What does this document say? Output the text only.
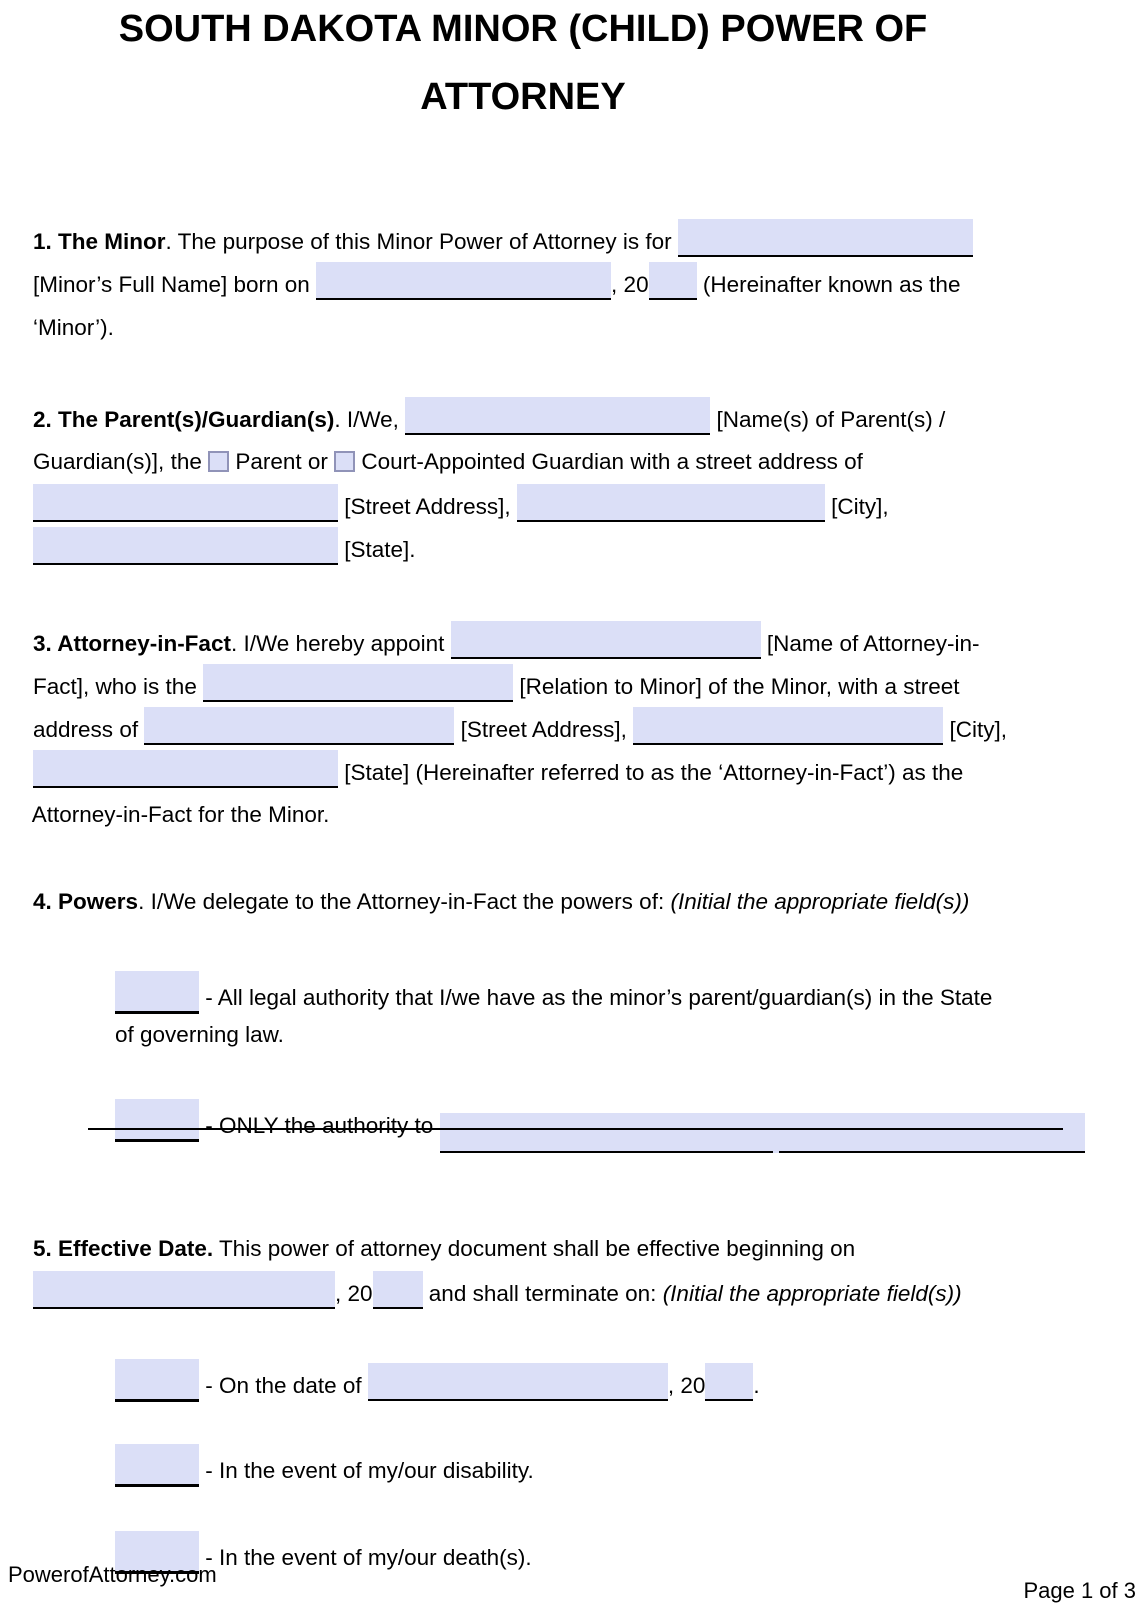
SOUTH DAKOTA MINOR (CHILD) POWER OF
ATTORNEY

1. The Minor. The purpose of this Minor Power of Attorney is for

[Minor’s Full Name] born on	, 20 (Hereinafter known as the

‘Minor’).

2. The Parent(s)/Guardian(s). I/We,	[Name(s) of Parent(s) /

Guardian(s)], the  Parent or  Court-Appointed Guardian with a street address of

[Street Address],	[City],

[State].

3. Attorney-in-Fact. I/We hereby appoint	[Name of Attorney-in-

Fact], who is the	[Relation to Minor] of the Minor, with a street

address of	[Street Address],	[City],

[State] (Hereinafter referred to as the ‘Attorney-in-Fact’) as the

Attorney-in-Fact for the Minor.

4. Powers. I/We delegate to the Attorney-in-Fact the powers of: (Initial the appropriate field(s))

- All legal authority that I/we have as the minor’s parent/guardian(s) in the State

of governing law.

- ONLY the authority to

5. Effective Date. This power of attorney document shall be effective beginning on

, 20 and shall terminate on: (Initial the appropriate field(s))

- On the date of	, 20 .

- In the event of my/our disability.

- In the event of my/our death(s).

PowerofAttorney.com
Page 1 of 3
